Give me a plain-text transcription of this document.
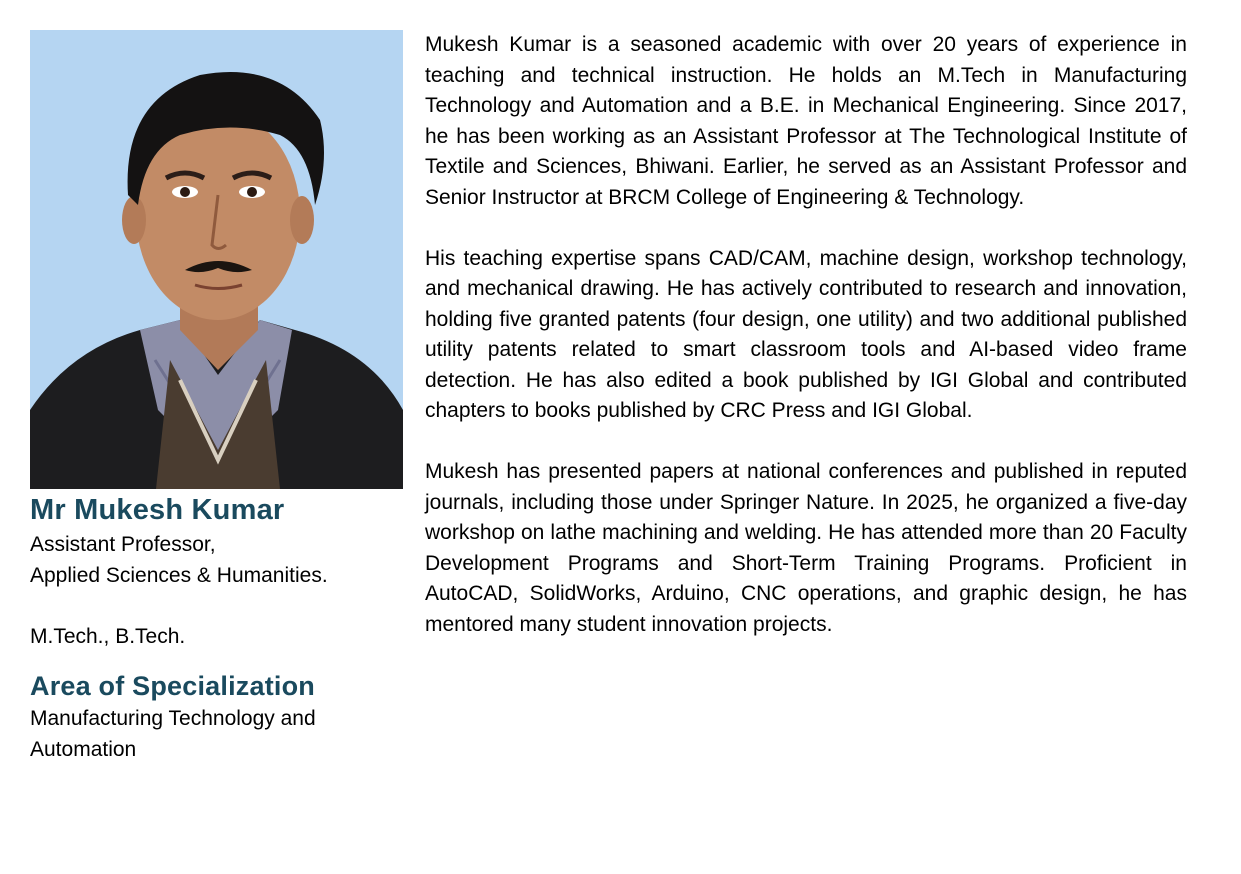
Mr Mukesh Kumar
Assistant Professor,
Applied Sciences & Humanities.
M.Tech., B.Tech.
Area of Specialization
Manufacturing Technology and Automation

Mukesh Kumar is a seasoned academic with over 20 years of experience in teaching and technical instruction. He holds an M.Tech in Manufacturing Technology and Automation and a B.E. in Mechanical Engineering. Since 2017, he has been working as an Assistant Professor at The Technological Institute of Textile and Sciences, Bhiwani. Earlier, he served as an Assistant Professor and Senior Instructor at BRCM College of Engineering & Technology.

His teaching expertise spans CAD/CAM, machine design, workshop technology, and mechanical drawing. He has actively contributed to research and innovation, holding five granted patents (four design, one utility) and two additional published utility patents related to smart classroom tools and AI-based video frame detection. He has also edited a book published by IGI Global and contributed chapters to books published by CRC Press and IGI Global.

Mukesh has presented papers at national conferences and published in reputed journals, including those under Springer Nature. In 2025, he organized a five-day workshop on lathe machining and welding. He has attended more than 20 Faculty Development Programs and Short-Term Training Programs. Proficient in AutoCAD, SolidWorks, Arduino, CNC operations, and graphic design, he has mentored many student innovation projects.
